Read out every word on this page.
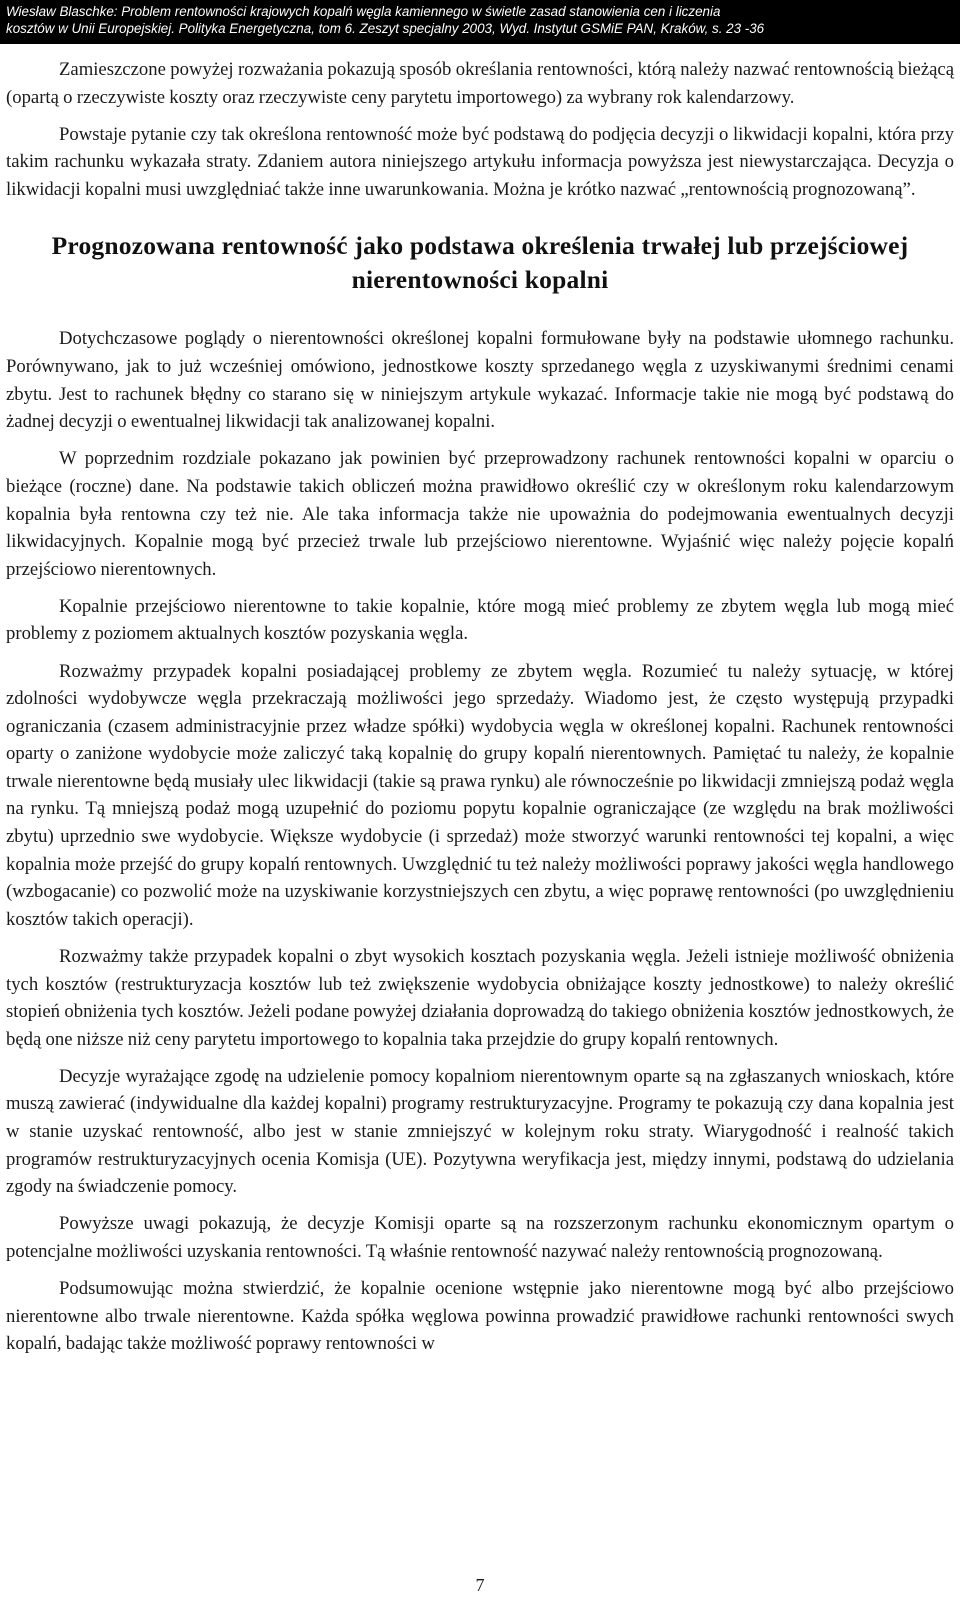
Wiesław Blaschke: Problem rentowności krajowych kopalń węgla kamiennego w świetle zasad stanowienia cen i liczenia
kosztów w Unii Europejskiej. Polityka Energetyczna, tom 6. Zeszyt specjalny 2003, Wyd. Instytut GSMiE PAN, Kraków, s. 23 -36

Zamieszczone powyżej rozważania pokazują sposób określania rentowności, którą należy nazwać rentownością bieżącą (opartą o rzeczywiste koszty oraz rzeczywiste ceny parytetu importowego) za wybrany rok kalendarzowy.

Powstaje pytanie czy tak określona rentowność może być podstawą do podjęcia decyzji o likwidacji kopalni, która przy takim rachunku wykazała straty. Zdaniem autora niniejszego artykułu informacja powyższa jest niewystarczająca. Decyzja o likwidacji kopalni musi uwzględniać także inne uwarunkowania. Można je krótko nazwać „rentownością prognozowaną”.

Prognozowana rentowność jako podstawa określenia trwałej lub przejściowej nierentowności kopalni

Dotychczasowe poglądy o nierentowności określonej kopalni formułowane były na podstawie ułomnego rachunku. Porównywano, jak to już wcześniej omówiono, jednostkowe koszty sprzedanego węgla z uzyskiwanymi średnimi cenami zbytu. Jest to rachunek błędny co starano się w niniejszym artykule wykazać. Informacje takie nie mogą być podstawą do żadnej decyzji o ewentualnej likwidacji tak analizowanej kopalni.

W poprzednim rozdziale pokazano jak powinien być przeprowadzony rachunek rentowności kopalni w oparciu o bieżące (roczne) dane. Na podstawie takich obliczeń można prawidłowo określić czy w określonym roku kalendarzowym kopalnia była rentowna czy też nie. Ale taka informacja także nie upoważnia do podejmowania ewentualnych decyzji likwidacyjnych. Kopalnie mogą być przecież trwale lub przejściowo nierentowne. Wyjaśnić więc należy pojęcie kopalń przejściowo nierentownych.

Kopalnie przejściowo nierentowne to takie kopalnie, które mogą mieć problemy ze zbytem węgla lub mogą mieć problemy z poziomem aktualnych kosztów pozyskania węgla.

Rozważmy przypadek kopalni posiadającej problemy ze zbytem węgla. Rozumieć tu należy sytuację, w której zdolności wydobywcze węgla przekraczają możliwości jego sprzedaży. Wiadomo jest, że często występują przypadki ograniczania (czasem administracyjnie przez władze spółki) wydobycia węgla w określonej kopalni. Rachunek rentowności oparty o zaniżone wydobycie może zaliczyć taką kopalnię do grupy kopalń nierentownych. Pamiętać tu należy, że kopalnie trwale nierentowne będą musiały ulec likwidacji (takie są prawa rynku) ale równocześnie po likwidacji zmniejszą podaż węgla na rynku. Tą mniejszą podaż mogą uzupełnić do poziomu popytu kopalnie ograniczające (ze względu na brak możliwości zbytu) uprzednio swe wydobycie. Większe wydobycie (i sprzedaż) może stworzyć warunki rentowności tej kopalni, a więc kopalnia może przejść do grupy kopalń rentownych. Uwzględnić tu też należy możliwości poprawy jakości węgla handlowego (wzbogacanie) co pozwolić może na uzyskiwanie korzystniejszych cen zbytu, a więc poprawę rentowności (po uwzględnieniu kosztów takich operacji).

Rozważmy także przypadek kopalni o zbyt wysokich kosztach pozyskania węgla. Jeżeli istnieje możliwość obniżenia tych kosztów (restrukturyzacja kosztów lub też zwiększenie wydobycia obniżające koszty jednostkowe) to należy określić stopień obniżenia tych kosztów. Jeżeli podane powyżej działania doprowadzą do takiego obniżenia kosztów jednostkowych, że będą one niższe niż ceny parytetu importowego to kopalnia taka przejdzie do grupy kopalń rentownych.

Decyzje wyrażające zgodę na udzielenie pomocy kopalniom nierentownym oparte są na zgłaszanych wnioskach, które muszą zawierać (indywidualne dla każdej kopalni) programy restrukturyzacyjne. Programy te pokazują czy dana kopalnia jest w stanie uzyskać rentowność, albo jest w stanie zmniejszyć w kolejnym roku straty. Wiarygodność i realność takich programów restrukturyzacyjnych ocenia Komisja (UE). Pozytywna weryfikacja jest, między innymi, podstawą do udzielania zgody na świadczenie pomocy.

Powyższe uwagi pokazują, że decyzje Komisji oparte są na rozszerzonym rachunku ekonomicznym opartym o potencjalne możliwości uzyskania rentowności. Tą właśnie rentowność nazywać należy rentownością prognozowaną.

Podsumowując można stwierdzić, że kopalnie ocenione wstępnie jako nierentowne mogą być albo przejściowo nierentowne albo trwale nierentowne. Każda spółka węglowa powinna prowadzić prawidłowe rachunki rentowności swych kopalń, badając także możliwość poprawy rentowności w

7
